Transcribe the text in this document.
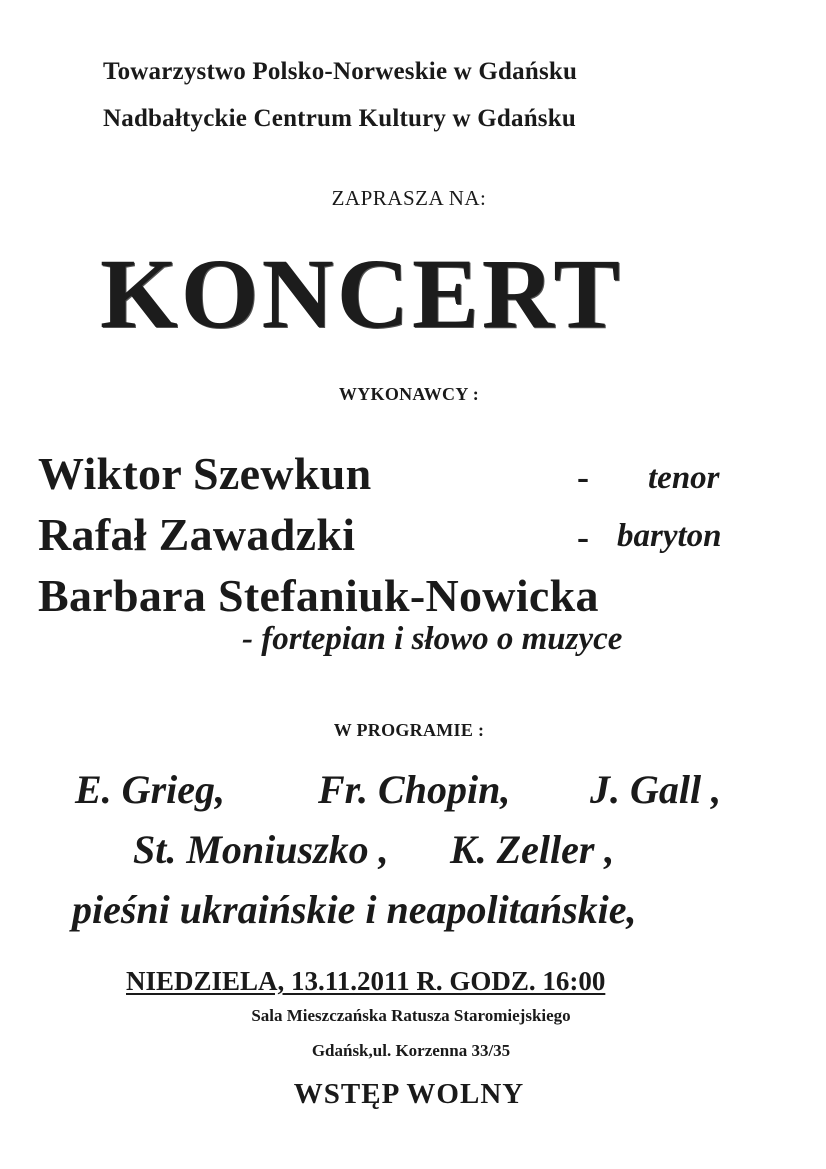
Towarzystwo Polsko-Norweskie w Gdańsku
Nadbałtyckie Centrum Kultury w Gdańsku
ZAPRASZA NA:
KONCERT
WYKONAWCY :
Wiktor Szewkun	- tenor
Rafał Zawadzki	- baryton
Barbara Stefaniuk-Nowicka
- fortepian i słowo o muzyce
W PROGRAMIE :
E. Grieg, Fr. Chopin, J. Gall ,
St. Moniuszko , K. Zeller ,
pieśni ukraińskie i neapolitańskie,
NIEDZIELA, 13.11.2011 R. GODZ. 16:00
Sala Mieszczańska Ratusza Staromiejskiego
Gdańsk,ul. Korzenna 33/35
WSTĘP WOLNY
